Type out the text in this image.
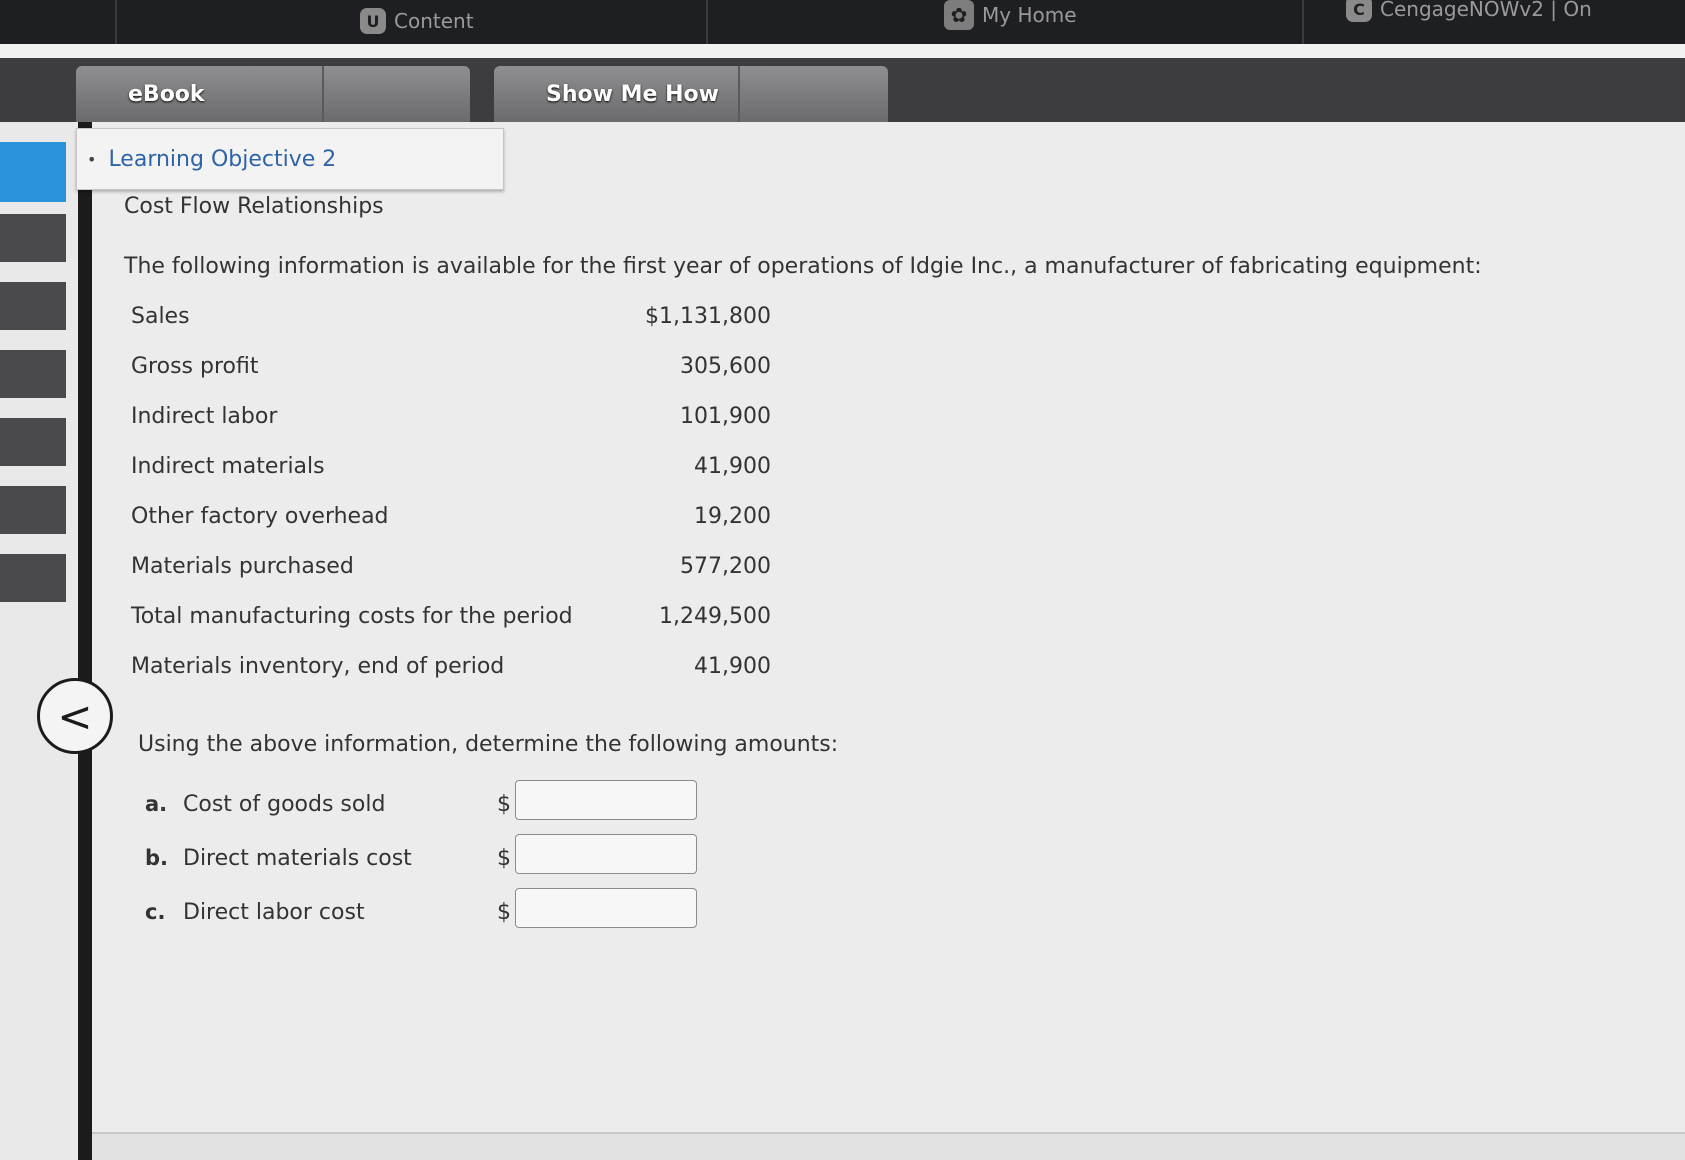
U Content	✿ My Home	C CengageNOWv2 | On
eBook	Show Me How
<
• Learning Objective 2
Cost Flow Relationships
The following information is available for the first year of operations of Idgie Inc., a manufacturer of fabricating equipment:
Sales	$1,131,800
Gross profit	305,600
Indirect labor	101,900
Indirect materials	41,900
Other factory overhead	19,200
Materials purchased	577,200
Total manufacturing costs for the period	1,249,500
Materials inventory, end of period	41,900
Using the above information, determine the following amounts:
a. Cost of goods sold	$
b. Direct materials cost	$
c. Direct labor cost	$
